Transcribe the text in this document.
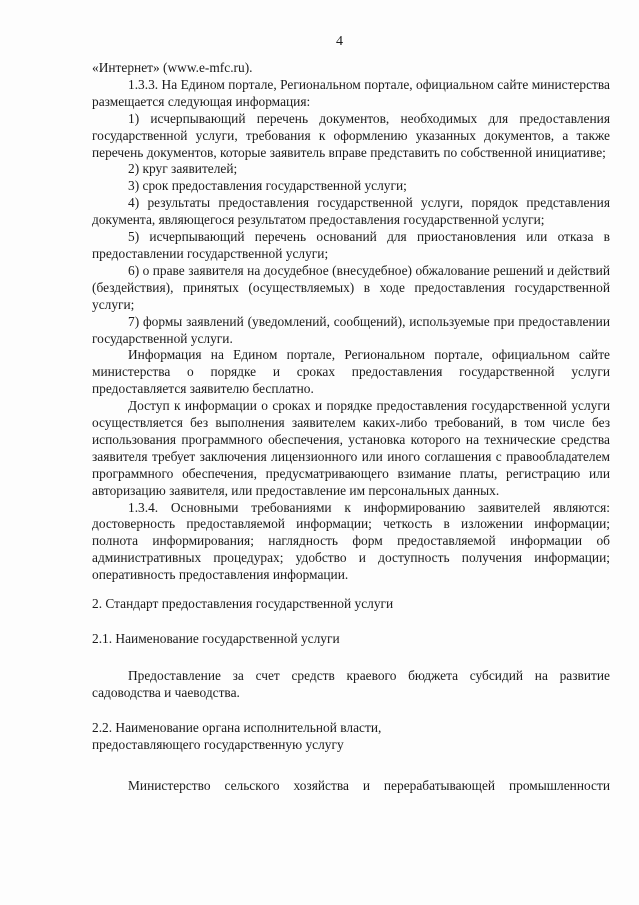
4

«Интернет» (www.e-mfc.ru).

1.3.3. На Едином портале, Региональном портале, официальном сайте министерства размещается следующая информация:

1) исчерпывающий перечень документов, необходимых для предоставления государственной услуги, требования к оформлению указанных документов, а также перечень документов, которые заявитель вправе представить по собственной инициативе;

2) круг заявителей;

3) срок предоставления государственной услуги;

4) результаты предоставления государственной услуги, порядок представления документа, являющегося результатом предоставления государственной услуги;

5) исчерпывающий перечень оснований для приостановления или отказа в предоставлении государственной услуги;

6) о праве заявителя на досудебное (внесудебное) обжалование решений и действий (бездействия), принятых (осуществляемых) в ходе предоставления государственной услуги;

7) формы заявлений (уведомлений, сообщений), используемые при предоставлении государственной услуги.

Информация на Едином портале, Региональном портале, официальном сайте министерства о порядке и сроках предоставления государственной услуги предоставляется заявителю бесплатно.

Доступ к информации о сроках и порядке предоставления государственной услуги осуществляется без выполнения заявителем каких-либо требований, в том числе без использования программного обеспечения, установка которого на технические средства заявителя требует заключения лицензионного или иного соглашения с правообладателем программного обеспечения, предусматривающего взимание платы, регистрацию или авторизацию заявителя, или предоставление им персональных данных.

1.3.4. Основными требованиями к информированию заявителей являются: достоверность предоставляемой информации; четкость в изложении информации; полнота информирования; наглядность форм предоставляемой информации об административных процедурах; удобство и доступность получения информации; оперативность предоставления информации.

2. Стандарт предоставления государственной услуги

2.1. Наименование государственной услуги

Предоставление за счет средств краевого бюджета субсидий на развитие садоводства и чаеводства.

2.2. Наименование органа исполнительной власти,

предоставляющего государственную услугу

Министерство сельского хозяйства и перерабатывающей промышленности
